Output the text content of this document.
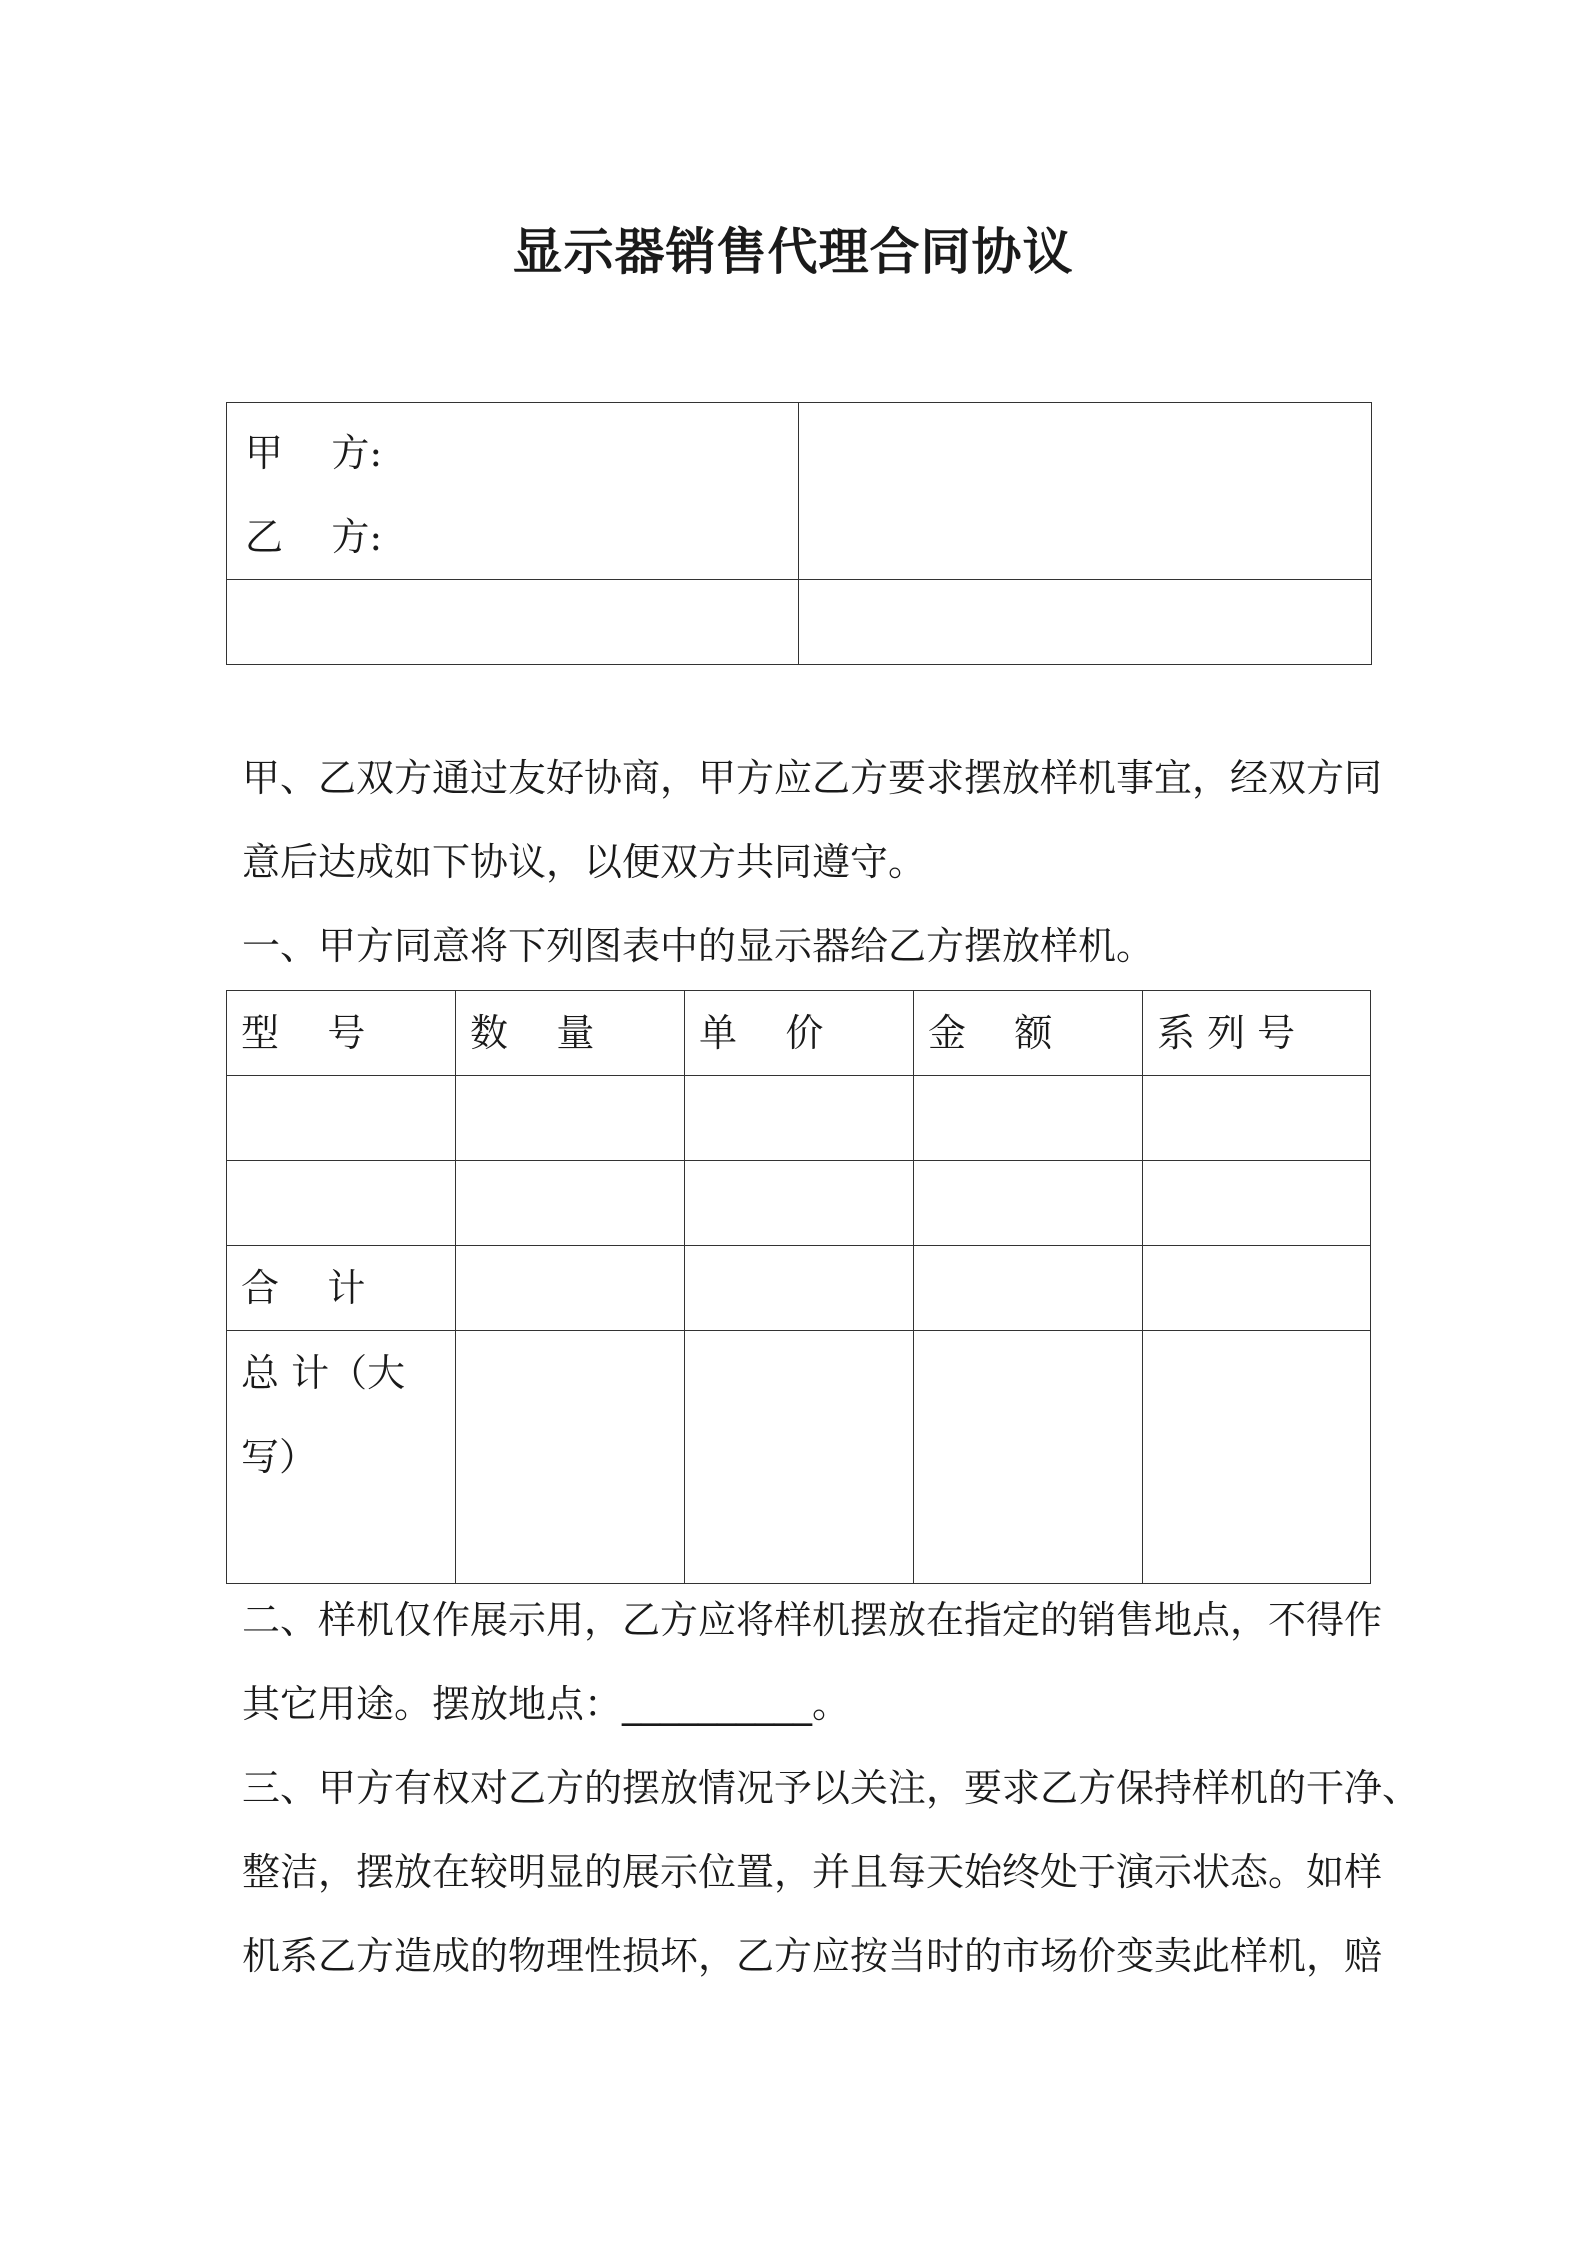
显示器销售代理合同协议
甲    方:
乙    方:	

甲、乙双方通过友好协商，甲方应乙方要求摆放样机事宜，经双方同
意后达成如下协议，以便双方共同遵守。
一、甲方同意将下列图表中的显示器给乙方摆放样机。
型    号	数    量	单    价	金    额	系 列 号

合    计				

总 计（大写）				

二、样机仅作展示用，乙方应将样机摆放在指定的销售地点，不得作
其它用途。摆放地点：__________。
三、甲方有权对乙方的摆放情况予以关注，要求乙方保持样机的干净、
整洁，摆放在较明显的展示位置，并且每天始终处于演示状态。如样
机系乙方造成的物理性损坏，乙方应按当时的市场价变卖此样机，赔
